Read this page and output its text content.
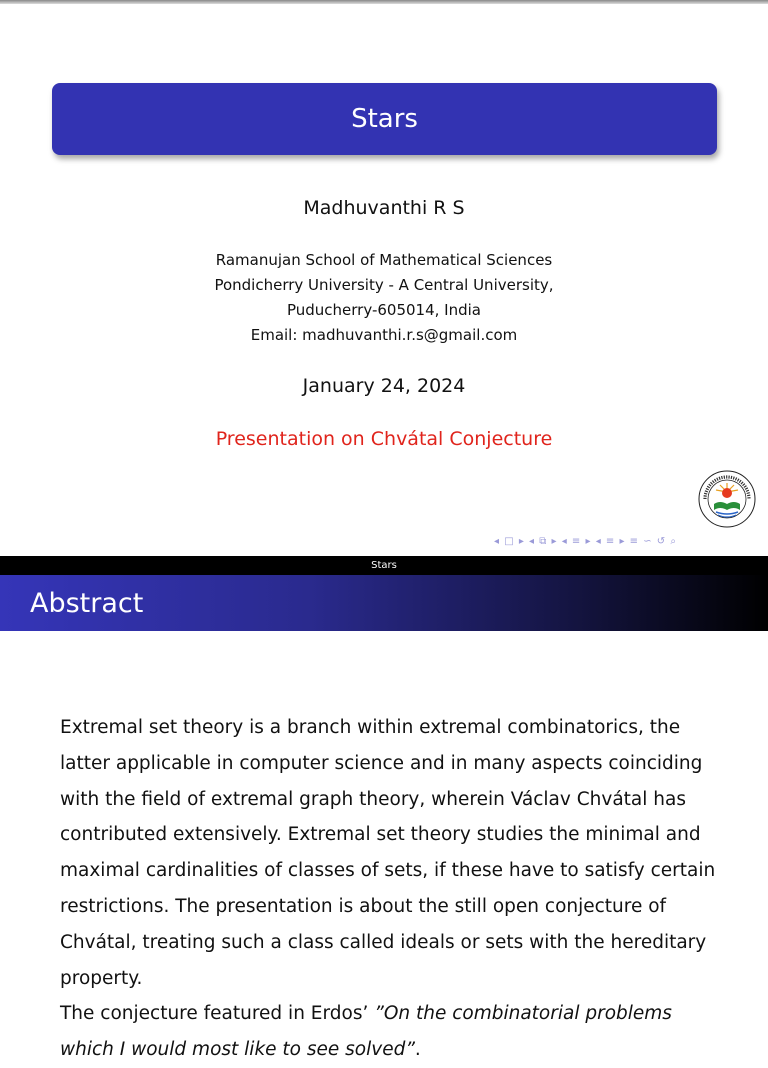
Stars
Madhuvanthi R S
Ramanujan School of Mathematical Sciences
Pondicherry University - A Central University,
Puducherry-605014, India
Email: madhuvanthi.r.s@gmail.com
January 24, 2024
Presentation on Chvátal Conjecture
◂ □ ▸ ◂ ⧉ ▸ ◂ ≡ ▸ ◂ ≡ ▸ ≡ ∽ ↺ ⌕
Stars
Abstract

Extremal set theory is a branch within extremal combinatorics, the latter applicable in computer science and in many aspects coinciding with the field of extremal graph theory, wherein Václav Chvátal has contributed extensively. Extremal set theory studies the minimal and maximal cardinalities of classes of sets, if these have to satisfy certain restrictions. The presentation is about the still open conjecture of Chvátal, treating such a class called ideals or sets with the hereditary property.

The conjecture featured in Erdos’ ”On the combinatorial problems which I would most like to see solved”.
